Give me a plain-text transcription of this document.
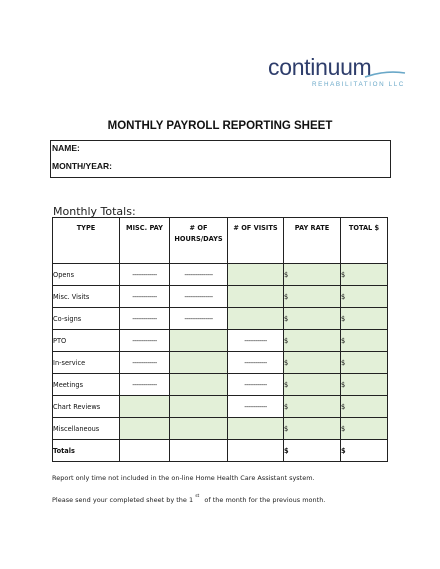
continuum
REHABILITATION LLC
MONTHLY PAYROLL REPORTING SHEET
NAME:
MONTH/YEAR:
Monthly Totals:
TYPE	MISC. PAY	# OF HOURS/DAYS	# OF VISITS	PAY RATE	TOTAL $
Opens	-------------	---------------		$	$
Misc. Visits	-------------	---------------		$	$
Co-signs	-------------	---------------		$	$
PTO	-------------		------------	$	$
In-service	-------------		------------	$	$
Meetings	-------------		------------	$	$
Chart Reviews			------------	$	$
Miscellaneous				$	$
Totals				$	$
Report only time not included in the on-line Home Health Care Assistant system.
Please send your completed sheet by the 1 $^{st}$ of the month for the previous month.
